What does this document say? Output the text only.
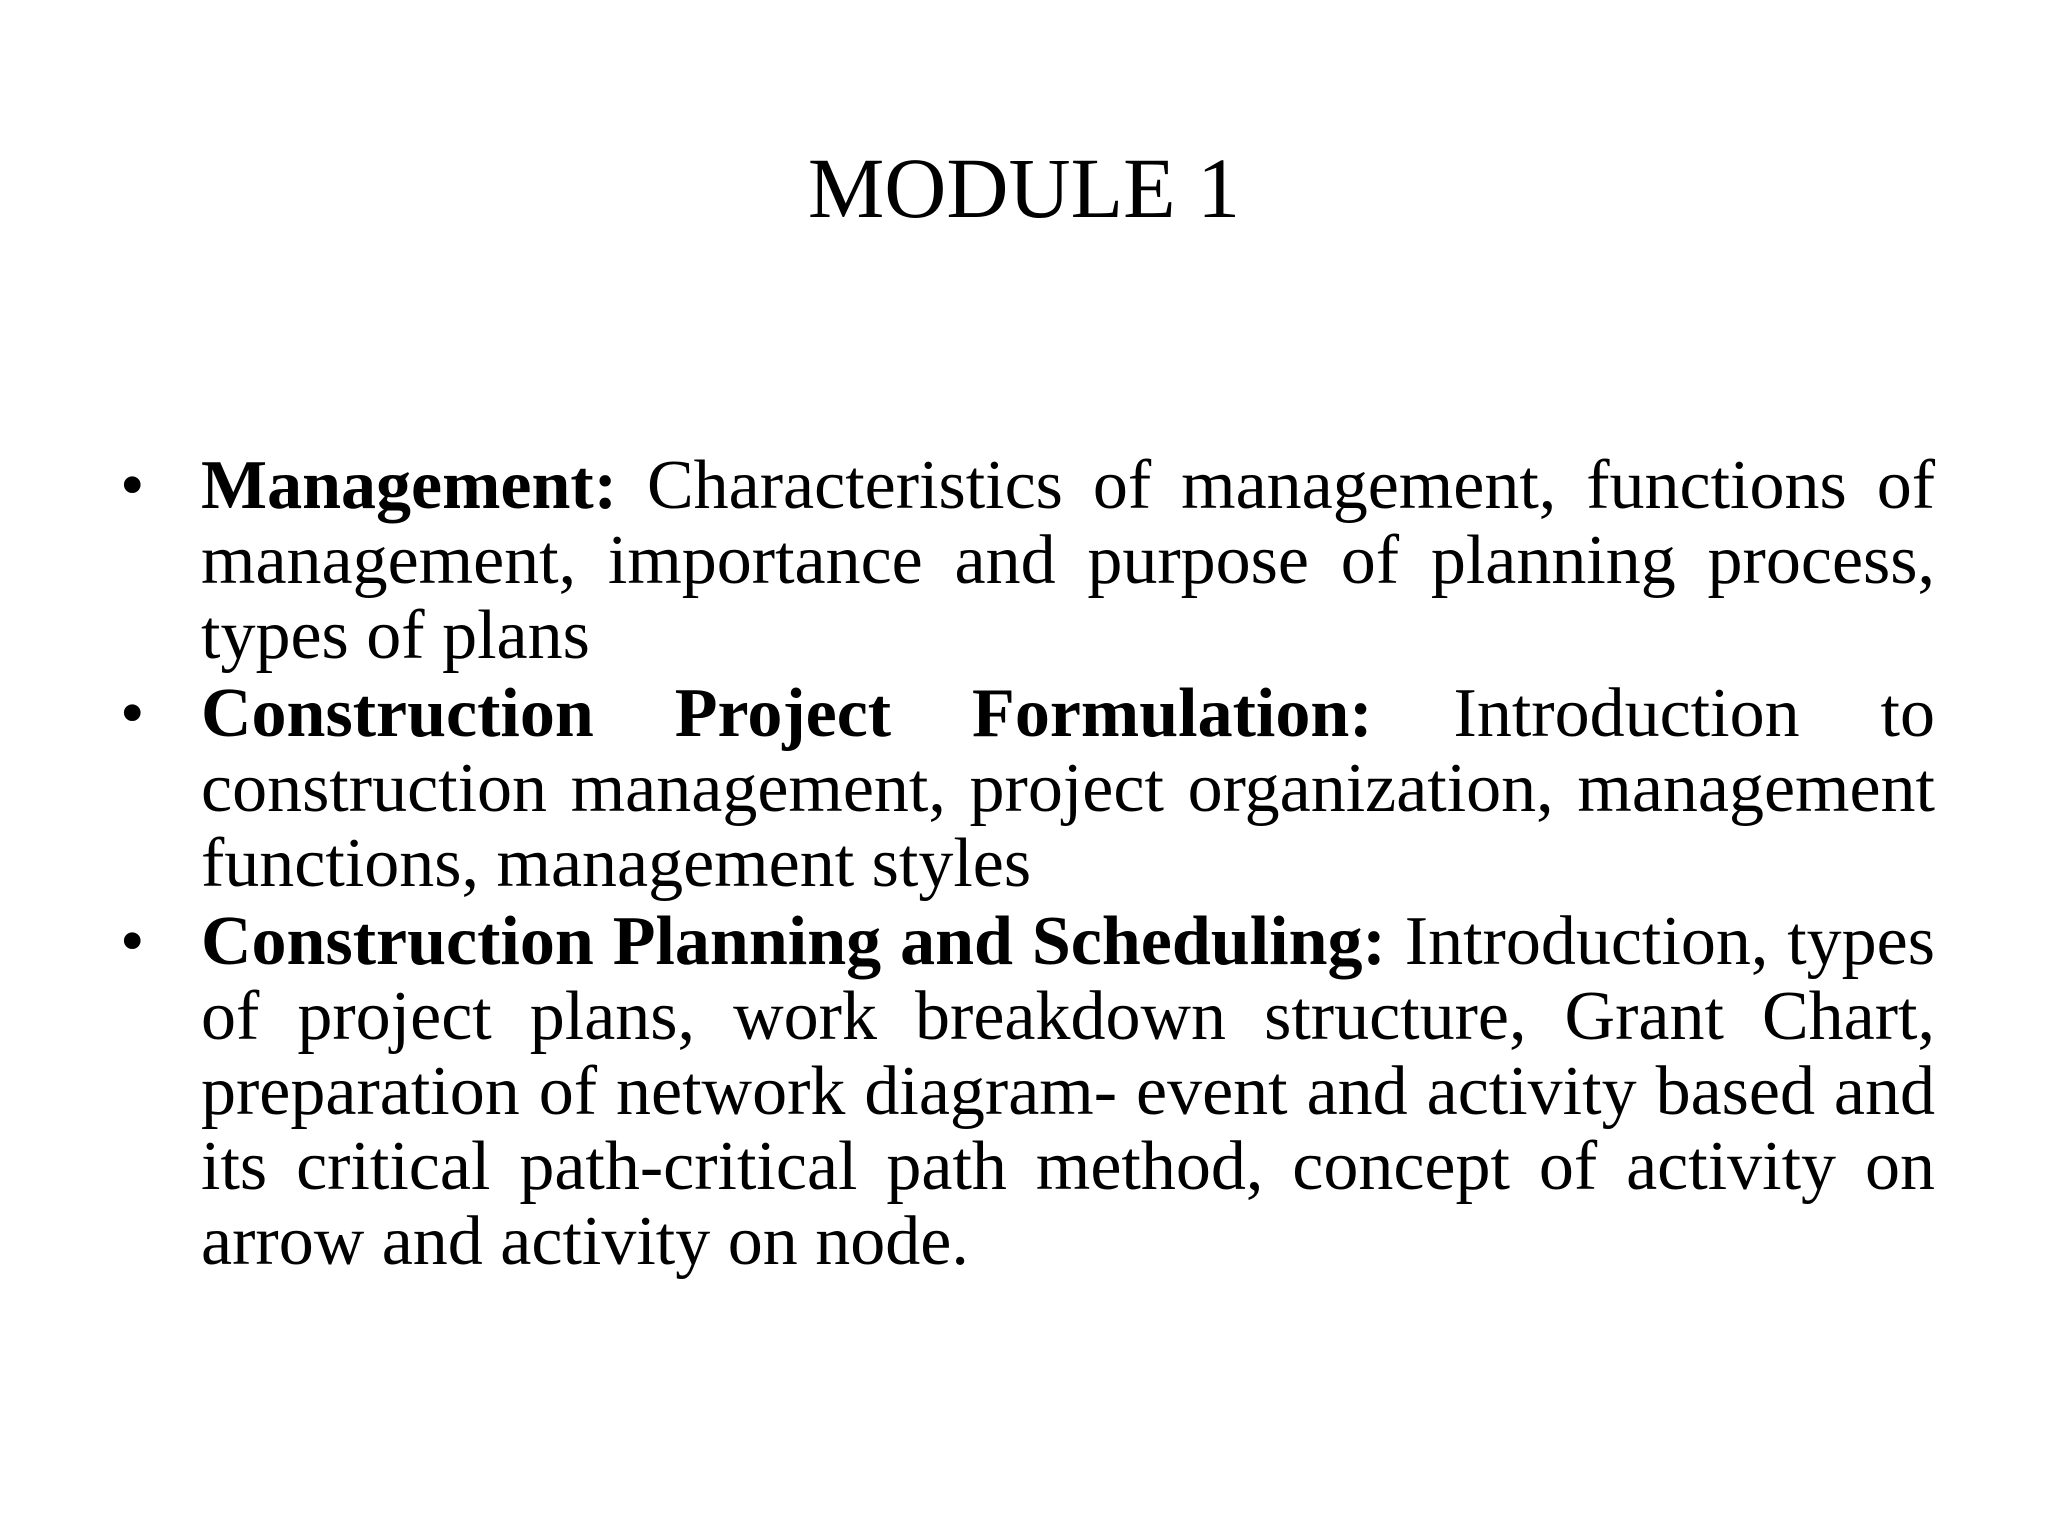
MODULE 1
• Management: Characteristics of management, functions of management, importance and purpose of planning process, types of plans
• Construction Project Formulation: Introduction to construction management, project organization, management functions, management styles
• Construction Planning and Scheduling: Introduction, types of project plans, work breakdown structure, Grant Chart, preparation of network diagram- event and activity based and its critical path-critical path method, concept of activity on arrow and activity on node.
